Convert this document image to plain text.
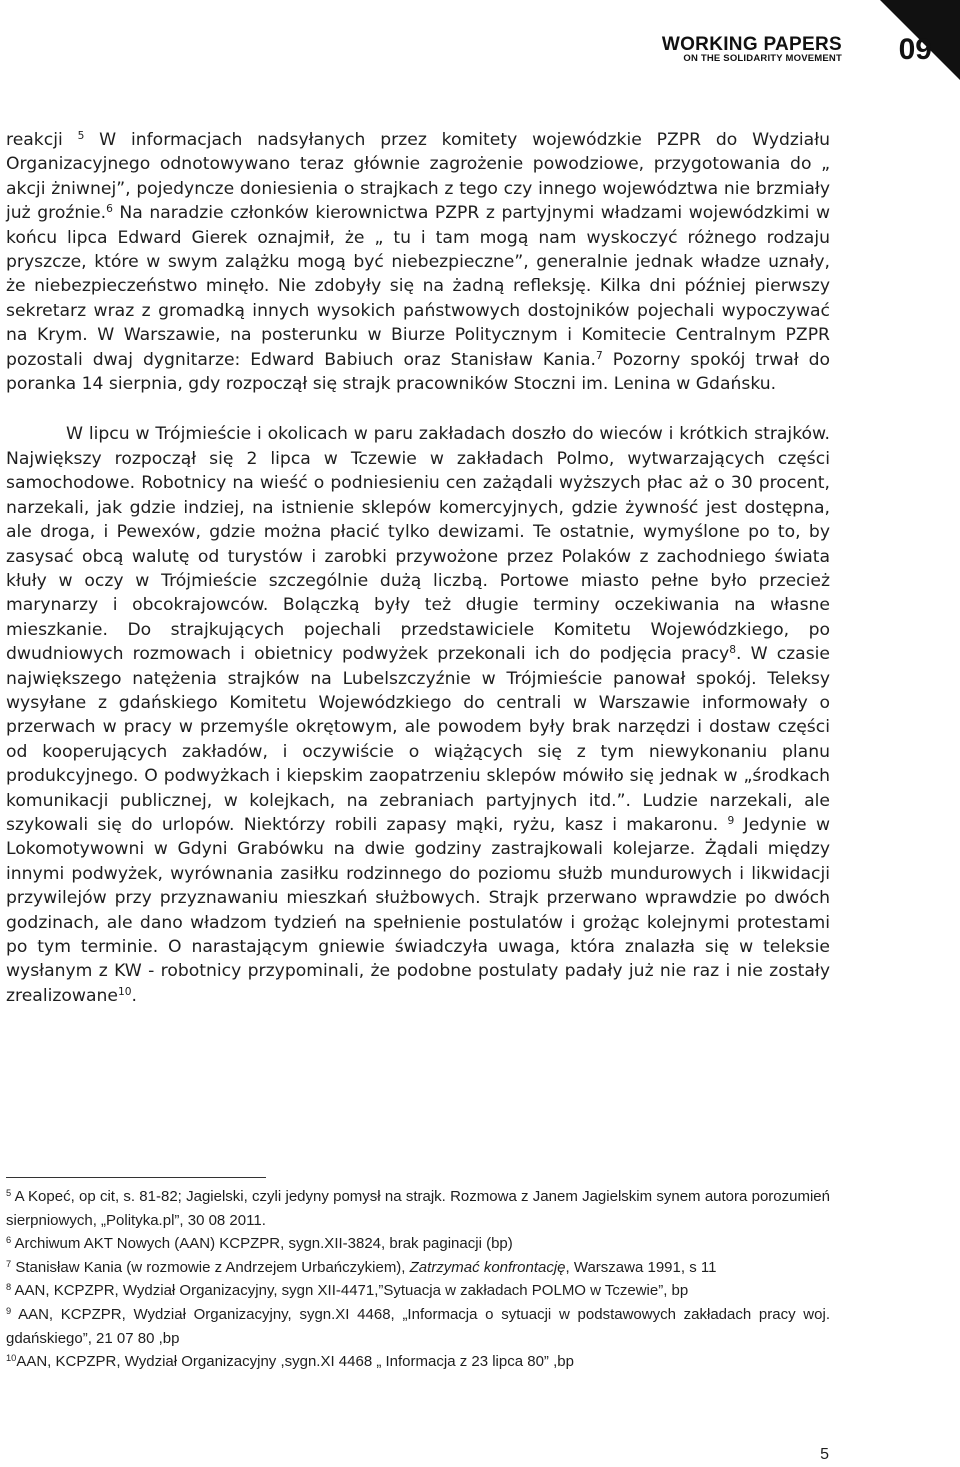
WORKING PAPERS
ON THE SOLIDARITY MOVEMENT 09

reakcji $^5$ W informacjach nadsyłanych przez komitety wojewódzkie PZPR do Wydziału Organizacyjnego odnotowywano teraz głównie zagrożenie powodziowe, przygotowania do „ akcji żniwnej”, pojedyncze doniesienia o strajkach z tego czy innego województwa nie brzmiały już groźnie.$^6$ Na naradzie członków kierownictwa PZPR z partyjnymi władzami wojewódzkimi w końcu lipca Edward Gierek oznajmił, że „ tu i tam mogą nam wyskoczyć różnego rodzaju pryszcze, które w swym zalążku mogą być niebezpieczne”, generalnie jednak władze uznały, że niebezpieczeństwo minęło. Nie zdobyły się na żadną refleksję. Kilka dni później pierwszy sekretarz wraz z gromadką innych wysokich państwowych dostojników pojechali wypoczywać na Krym. W Warszawie, na posterunku w Biurze Politycznym i Komitecie Centralnym PZPR pozostali dwaj dygnitarze: Edward Babiuch oraz Stanisław Kania.$^7$ Pozorny spokój trwał do poranka 14 sierpnia, gdy rozpoczął się strajk pracowników Stoczni im. Lenina w Gdańsku.

W lipcu w Trójmieście i okolicach w paru zakładach doszło do wieców i krótkich strajków. Największy rozpoczął się 2 lipca w Tczewie w zakładach Polmo, wytwarzających części samochodowe. Robotnicy na wieść o podniesieniu cen zażądali wyższych płac aż o 30 procent, narzekali, jak gdzie indziej, na istnienie sklepów komercyjnych, gdzie żywność jest dostępna, ale droga, i Pewexów, gdzie można płacić tylko dewizami. Te ostatnie, wymyślone po to, by zasysać obcą walutę od turystów i zarobki przywożone przez Polaków z zachodniego świata kłuły w oczy w Trójmieście szczególnie dużą liczbą. Portowe miasto pełne było przecież marynarzy i obcokrajowców. Bolączką były też długie terminy oczekiwania na własne mieszkanie. Do strajkujących pojechali przedstawiciele Komitetu Wojewódzkiego, po dwudniowych rozmowach i obietnicy podwyżek przekonali ich do podjęcia pracy$^8$. W czasie największego natężenia strajków na Lubelszczyźnie w Trójmieście panował spokój. Teleksy wysyłane z gdańskiego Komitetu Wojewódzkiego do centrali w Warszawie informowały o przerwach w pracy w przemyśle okrętowym, ale powodem były brak narzędzi i dostaw części od kooperujących zakładów, i oczywiście o wiążących się z tym niewykonaniu planu produkcyjnego. O podwyżkach i kiepskim zaopatrzeniu sklepów mówiło się jednak w „środkach komunikacji publicznej, w kolejkach, na zebraniach partyjnych itd.”. Ludzie narzekali, ale szykowali się do urlopów. Niektórzy robili zapasy mąki, ryżu, kasz i makaronu. $^9$ Jedynie w Lokomotywowni w Gdyni Grabówku na dwie godziny zastrajkowali kolejarze. Żądali między innymi podwyżek, wyrównania zasiłku rodzinnego do poziomu służb mundurowych i likwidacji przywilejów przy przyznawaniu mieszkań służbowych. Strajk przerwano wprawdzie po dwóch godzinach, ale dano władzom tydzień na spełnienie postulatów i grożąc kolejnymi protestami po tym terminie. O narastającym gniewie świadczyła uwaga, która znalazła się w teleksie wysłanym z KW - robotnicy przypominali, że podobne postulaty padały już nie raz i nie zostały zrealizowane$^{10}$.

$^5$ A Kopeć, op cit, s. 81-82; Jagielski, czyli jedyny pomysł na strajk. Rozmowa z Janem Jagielskim synem autora porozumień sierpniowych, „Polityka.pl”, 30 08 2011.
$^6$ Archiwum AKT Nowych (AAN) KCPZPR, sygn.XII-3824, brak paginacji (bp)
$^7$ Stanisław Kania (w rozmowie z Andrzejem Urbańczykiem), Zatrzymać konfrontację, Warszawa 1991, s 11
$^8$ AAN, KCPZPR, Wydział Organizacyjny, sygn XII-4471,”Sytuacja w zakładach POLMO w Tczewie”, bp
$^9$ AAN, KCPZPR, Wydział Organizacyjny, sygn.XI 4468, „Informacja o sytuacji w podstawowych zakładach pracy woj. gdańskiego”, 21 07 80 ,bp
$^{10}$AAN, KCPZPR, Wydział Organizacyjny ,sygn.XI 4468 „ Informacja z 23 lipca 80” ,bp
5
